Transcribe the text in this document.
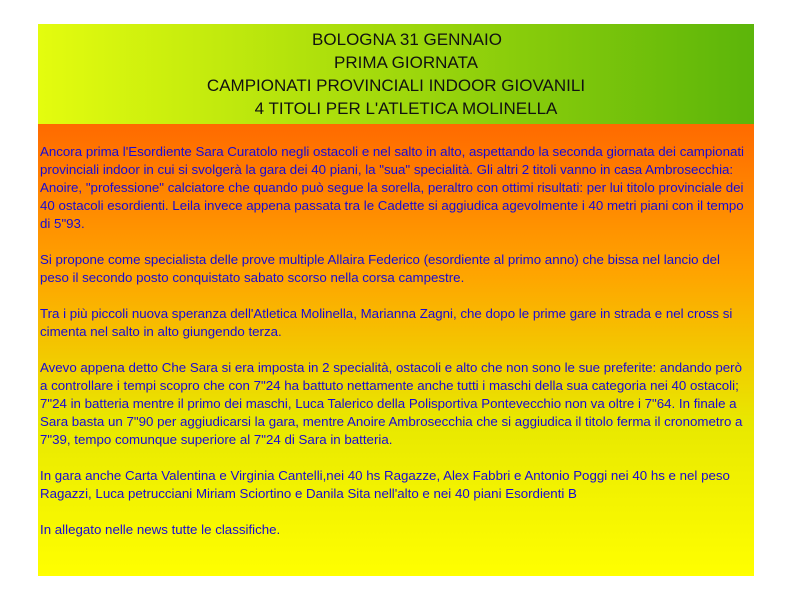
BOLOGNA 31 GENNAIO
PRIMA GIORNATA
CAMPIONATI PROVINCIALI INDOOR GIOVANILI
4 TITOLI PER L'ATLETICA MOLINELLA

Ancora prima l'Esordiente Sara Curatolo negli ostacoli e nel salto in alto, aspettando la seconda giornata dei campionati provinciali indoor in cui si svolgerà la gara dei 40 piani, la "sua" specialità. Gli altri 2 titoli vanno in casa Ambrosecchia: Anoire, "professione" calciatore che quando può segue la sorella, peraltro con ottimi risultati: per lui titolo provinciale dei 40 ostacoli esordienti. Leila invece appena passata tra le Cadette si aggiudica agevolmente i 40 metri piani con il tempo di 5"93.

Si propone come specialista delle prove multiple Allaira Federico (esordiente al primo anno) che bissa nel lancio del peso il secondo posto conquistato sabato scorso nella corsa campestre.

Tra i più piccoli nuova speranza dell'Atletica Molinella, Marianna Zagni, che dopo le prime gare in strada e nel cross si cimenta nel salto in alto giungendo terza.

Avevo appena detto Che Sara si era imposta in 2 specialità, ostacoli e alto che non sono le sue preferite: andando però a controllare i tempi scopro che con 7"24 ha battuto nettamente anche tutti i maschi della sua categoria nei 40 ostacoli; 7"24 in batteria mentre il primo dei maschi, Luca Talerico della Polisportiva Pontevecchio non va oltre i 7"64. In finale a Sara basta un 7"90 per aggiudicarsi la gara, mentre Anoire Ambrosecchia che si aggiudica il titolo ferma il cronometro a 7"39, tempo comunque superiore al 7"24 di Sara in batteria.

In gara anche Carta Valentina e Virginia Cantelli,nei 40 hs Ragazze, Alex Fabbri e Antonio Poggi nei 40 hs e nel peso Ragazzi, Luca petrucciani Miriam Sciortino e Danila Sita nell'alto e nei 40 piani Esordienti B

In allegato nelle news tutte le classifiche.
